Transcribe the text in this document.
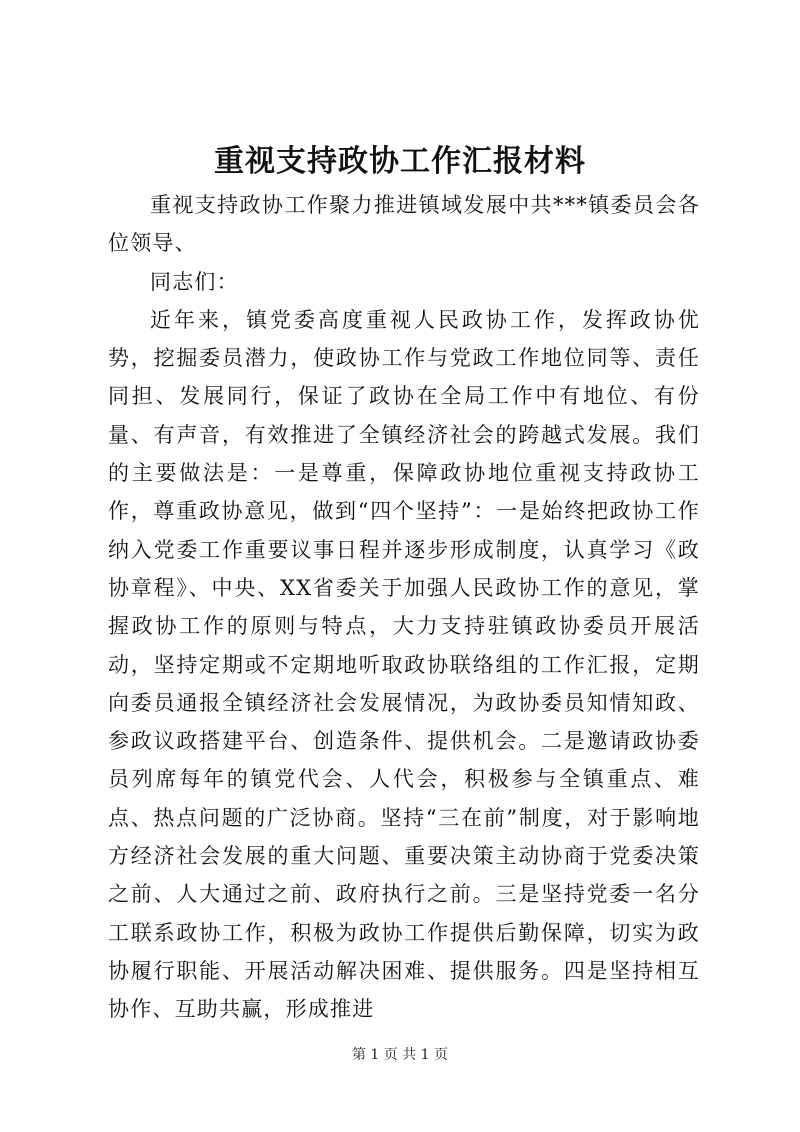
重视支持政协工作汇报材料

重视支持政协工作聚力推进镇域发展中共***镇委员会各位领导、

同志们：

近年来，镇党委高度重视人民政协工作，发挥政协优势，挖掘委员潜力，使政协工作与党政工作地位同等、责任同担、发展同行，保证了政协在全局工作中有地位、有份量、有声音，有效推进了全镇经济社会的跨越式发展。我们的主要做法是：一是尊重，保障政协地位重视支持政协工作，尊重政协意见，做到“四个坚持”：一是始终把政协工作纳入党委工作重要议事日程并逐步形成制度，认真学习《政协章程》、中央、XX省委关于加强人民政协工作的意见，掌握政协工作的原则与特点，大力支持驻镇政协委员开展活动，坚持定期或不定期地听取政协联络组的工作汇报，定期向委员通报全镇经济社会发展情况，为政协委员知情知政、参政议政搭建平台、创造条件、提供机会。二是邀请政协委员列席每年的镇党代会、人代会，积极参与全镇重点、难点、热点问题的广泛协商。坚持“三在前”制度，对于影响地方经济社会发展的重大问题、重要决策主动协商于党委决策之前、人大通过之前、政府执行之前。三是坚持党委一名分工联系政协工作，积极为政协工作提供后勤保障，切实为政协履行职能、开展活动解决困难、提供服务。四是坚持相互协作、互助共赢，形成推进

第 1 页 共 1 页
